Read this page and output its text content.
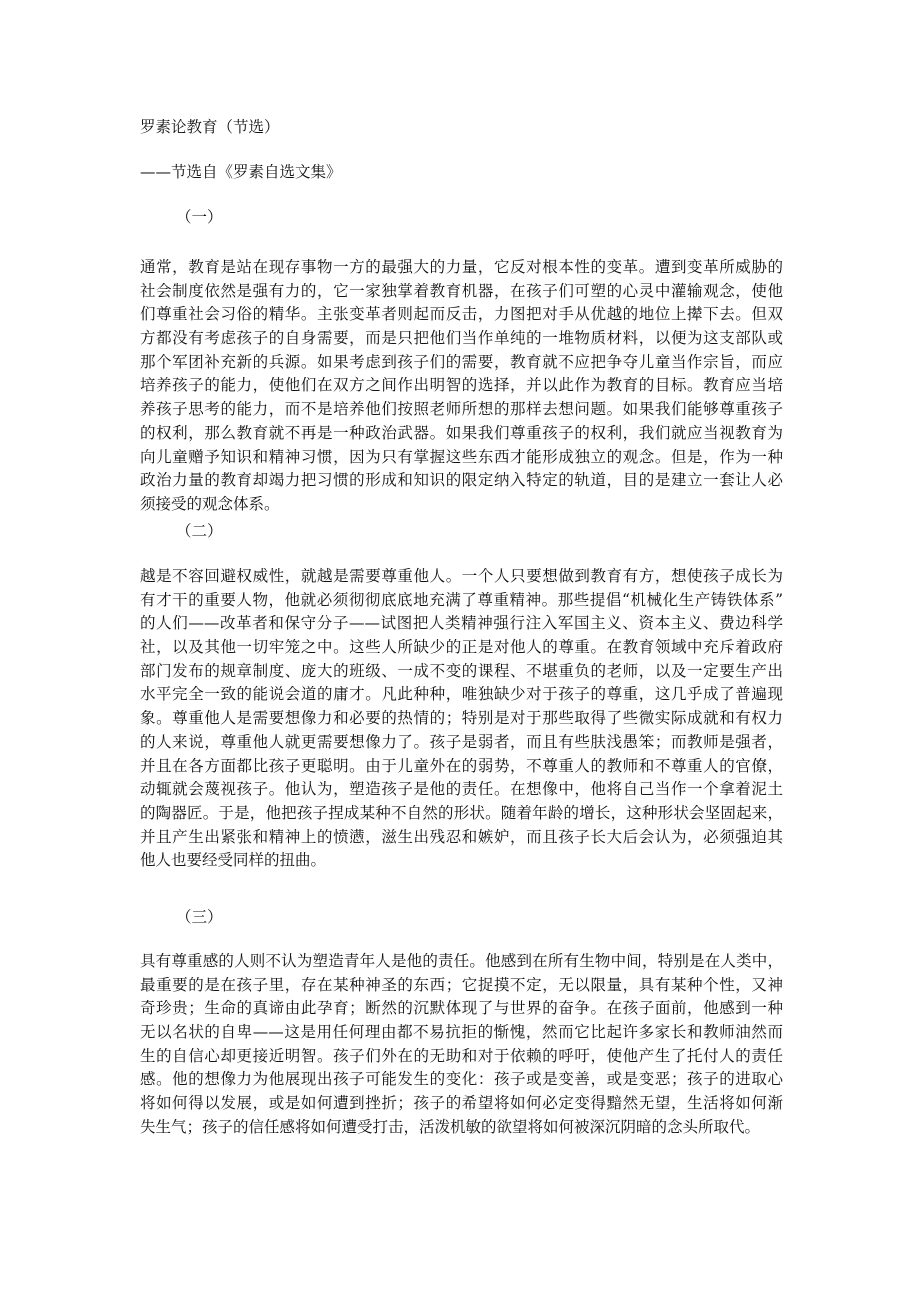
罗素论教育（节选）
——节选自《罗素自选文集》
（一）
通常，教育是站在现存事物一方的最强大的力量，它反对根本性的变革。遭到变革所威胁的
社会制度依然是强有力的，它一家独掌着教育机器，在孩子们可塑的心灵中灌输观念，使他
们尊重社会习俗的精华。主张变革者则起而反击，力图把对手从优越的地位上撵下去。但双
方都没有考虑孩子的自身需要，而是只把他们当作单纯的一堆物质材料，以便为这支部队或
那个军团补充新的兵源。如果考虑到孩子们的需要，教育就不应把争夺儿童当作宗旨，而应
培养孩子的能力，使他们在双方之间作出明智的选择，并以此作为教育的目标。教育应当培
养孩子思考的能力，而不是培养他们按照老师所想的那样去想问题。如果我们能够尊重孩子
的权利，那么教育就不再是一种政治武器。如果我们尊重孩子的权利，我们就应当视教育为
向儿童赠予知识和精神习惯，因为只有掌握这些东西才能形成独立的观念。但是，作为一种
政治力量的教育却竭力把习惯的形成和知识的限定纳入特定的轨道，目的是建立一套让人必
须接受的观念体系。
（二）
越是不容回避权威性，就越是需要尊重他人。一个人只要想做到教育有方，想使孩子成长为
有才干的重要人物，他就必须彻彻底底地充满了尊重精神。那些提倡“机械化生产铸铁体系”
的人们——改革者和保守分子——试图把人类精神强行注入军国主义、资本主义、费边科学
社，以及其他一切牢笼之中。这些人所缺少的正是对他人的尊重。在教育领域中充斥着政府
部门发布的规章制度、庞大的班级、一成不变的课程、不堪重负的老师，以及一定要生产出
水平完全一致的能说会道的庸才。凡此种种，唯独缺少对于孩子的尊重，这几乎成了普遍现
象。尊重他人是需要想像力和必要的热情的；特别是对于那些取得了些微实际成就和有权力
的人来说，尊重他人就更需要想像力了。孩子是弱者，而且有些肤浅愚笨；而教师是强者，
并且在各方面都比孩子更聪明。由于儿童外在的弱势，不尊重人的教师和不尊重人的官僚，
动辄就会蔑视孩子。他认为，塑造孩子是他的责任。在想像中，他将自己当作一个拿着泥土
的陶器匠。于是，他把孩子捏成某种不自然的形状。随着年龄的增长，这种形状会坚固起来，
并且产生出紧张和精神上的愤懑，滋生出残忍和嫉妒，而且孩子长大后会认为，必须强迫其
他人也要经受同样的扭曲。
（三）
具有尊重感的人则不认为塑造青年人是他的责任。他感到在所有生物中间，特别是在人类中，
最重要的是在孩子里，存在某种神圣的东西；它捉摸不定，无以限量，具有某种个性，又神
奇珍贵；生命的真谛由此孕育；断然的沉默体现了与世界的奋争。在孩子面前，他感到一种
无以名状的自卑——这是用任何理由都不易抗拒的惭愧，然而它比起许多家长和教师油然而
生的自信心却更接近明智。孩子们外在的无助和对于依赖的呼吁，使他产生了托付人的责任
感。他的想像力为他展现出孩子可能发生的变化：孩子或是变善，或是变恶；孩子的进取心
将如何得以发展，或是如何遭到挫折；孩子的希望将如何必定变得黯然无望，生活将如何渐
失生气；孩子的信任感将如何遭受打击，活泼机敏的欲望将如何被深沉阴暗的念头所取代。
